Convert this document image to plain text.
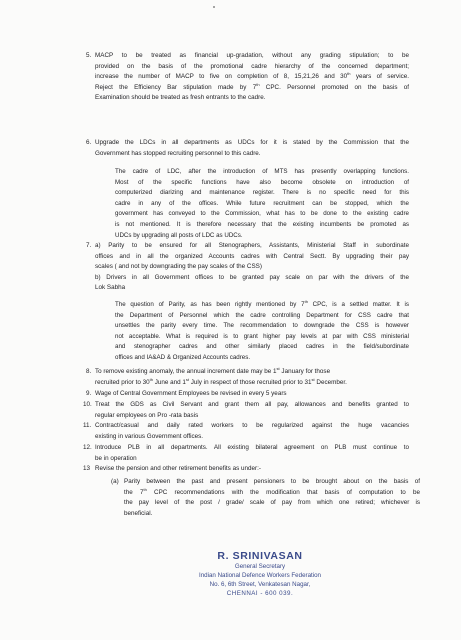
5. MACP to be treated as financial up-gradation, without any grading stipulation; to be
provided on the basis of the promotional cadre hierarchy of the concerned department;
increase the number of MACP to five on completion of 8, 15,21,26 and 30th years of service.
Reject the Efficiency Bar stipulation made by 7th CPC. Personnel promoted on the basis of
Examination should be treated as fresh entrants to the cadre.
6. Upgrade the LDCs in all departments as UDCs for it is stated by the Commission that the
Government has stopped recruiting personnel to this cadre.
The cadre of LDC, after the introduction of MTS has presently overlapping functions.
Most of the specific functions have also become obsolete on introduction of
computerized diarizing and maintenance register. There is no specific need for this
cadre in any of the offices. While future recruitment can be stopped, which the
government has conveyed to the Commission, what has to be done to the existing cadre
is not mentioned. It is therefore necessary that the existing incumbents be promoted as
UDCs by upgrading all posts of LDC as UDCs.
7. a) Parity to be ensured for all Stenographers, Assistants, Ministerial Staff in subordinate
offices and in all the organized Accounts cadres with Central Sectt. By upgrading their pay
scales ( and not by downgrading the pay scales of the CSS)
b) Drivers in all Government offices to be granted pay scale on par with the drivers of the
Lok Sabha
The question of Parity, as has been rightly mentioned by 7th CPC, is a settled matter. It is
the Department of Personnel which the cadre controlling Department for CSS cadre that
unsettles the parity every time. The recommendation to downgrade the CSS is however
not acceptable. What is required is to grant higher pay levels at par with CSS ministerial
and stenographer cadres and other similarly placed cadres in the field/subordinate
offices and IA&AD & Organized Accounts cadres.
8. To remove existing anomaly, the annual increment date may be 1st January for those
recruited prior to 30th June and 1st July in respect of those recruited prior to 31st December.
9. Wage of Central Government Employees be revised in every 5 years
10. Treat the GDS as Civil Servant and grant them all pay, allowances and benefits granted to
regular employees on Pro -rata basis
11. Contract/casual and daily rated workers to be regularized against the huge vacancies
existing in various Government offices.
12. Introduce PLB in all departments. All existing bilateral agreement on PLB must continue to
be in operation
13 Revise the pension and other retirement benefits as under:-
(a) Parity between the past and present pensioners to be brought about on the basis of
the 7th CPC recommendations with the modification that basis of computation to be
the pay level of the post / grade/ scale of pay from which one retired; whichever is
beneficial.
R. SRINIVASAN
General Secretary
Indian National Defence Workers Federation
No. 6, 6th Street, Venkatesan Nagar,
CHENNAI - 600 039.
